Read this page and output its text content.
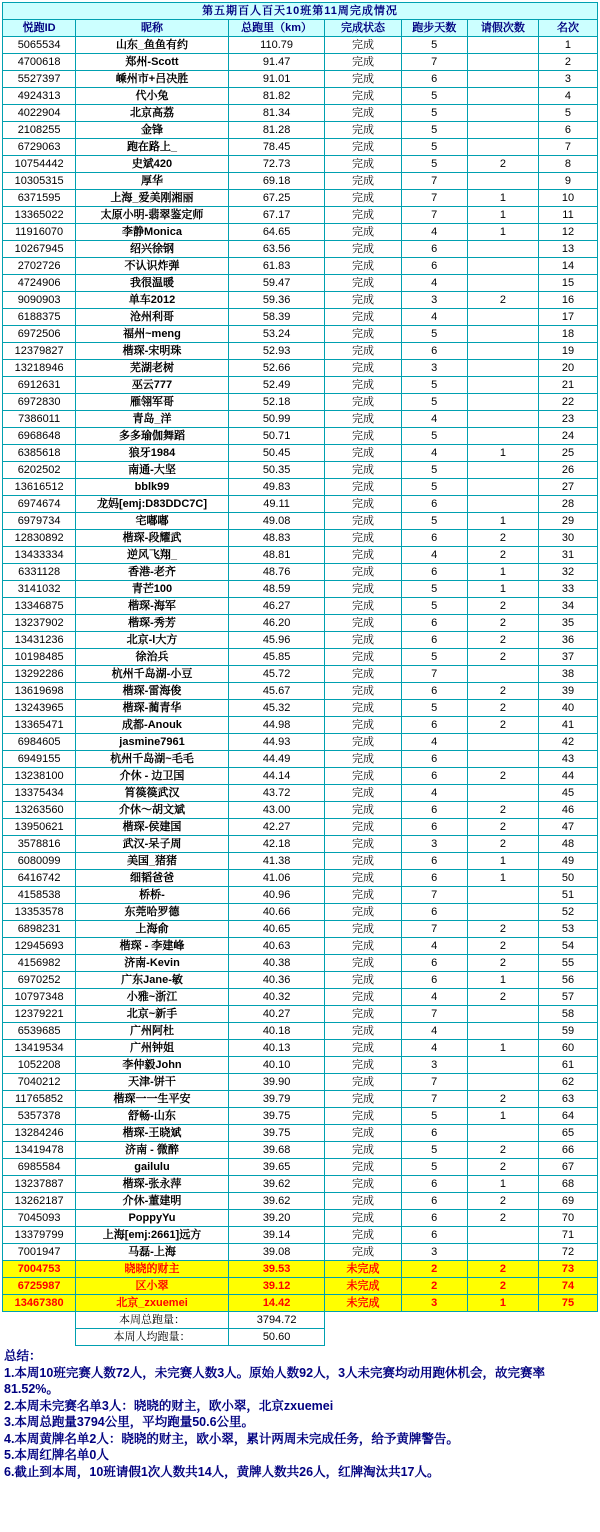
第五期百人百天10班第11周完成情况						
悦跑ID	昵称	总跑里（km）	完成状态	跑步天数	请假次数	名次
5065534	山东_鱼鱼有约	110.79	完成	5		1
4700618	郑州-Scott	91.47	完成	7		2
5527397	嵊州市+吕决胜	91.01	完成	6		3
4924313	代小兔	81.82	完成	5		4
4022904	北京高荔	81.34	完成	5		5
2108255	金锋	81.28	完成	5		6
6729063	跑在路上_	78.45	完成	5		7
10754442	史斌420	72.73	完成	5	2	8
10305315	厚华	69.18	完成	7		9
6371595	上海_爱美刚湘丽	67.25	完成	7	1	10
13365022	太原小明-翡翠鉴定师	67.17	完成	7	1	11
11916070	李静Monica	64.65	完成	4	1	12
10267945	绍兴徐钢	63.56	完成	6		13
2702726	不认识炸弹	61.83	完成	6		14
4724906	我很温暖	59.47	完成	4		15
9090903	单车2012	59.36	完成	3	2	16
6188375	沧州利哥	58.39	完成	4		17
6972506	福州~meng	53.24	完成	5		18
12379827	楷琛-宋明珠	52.93	完成	6		19
13218946	芜湖老树	52.66	完成	3		20
6912631	巫云777	52.49	完成	5		21
6972830	雁翎军哥	52.18	完成	5		22
7386011	青岛_洋	50.99	完成	4		23
6968648	多多瑜伽舞蹈	50.71	完成	5		24
6385618	狼牙1984	50.45	完成	4	1	25
6202502	南通-大坚	50.35	完成	5		26
13616512	bblk99	49.83	完成	5		27
6974674	龙妈[emj:D83DDC7C]	49.11	完成	6		28
6979734	宅嘟嘟	49.08	完成	5	1	29
12830892	楷琛-段耀武	48.83	完成	6	2	30
13433334	逆风飞翔_	48.81	完成	4	2	31
6331128	香港-老齐	48.76	完成	6	1	32
3141032	青芒100	48.59	完成	5	1	33
13346875	楷琛-海军	46.27	完成	5	2	34
13237902	楷琛-秀芳	46.20	完成	6	2	35
13431236	北京-l大方	45.96	完成	6	2	36
10198485	徐治兵	45.85	完成	5	2	37
13292286	杭州千岛湖-小豆	45.72	完成	7		38
13619698	楷琛-雷海俊	45.67	完成	6	2	39
13243965	楷琛-蔺青华	45.32	完成	5	2	40
13365471	成都-Anouk	44.98	完成	6	2	41
6984605	jasmine7961	44.93	完成	4		42
6949155	杭州千岛湖~毛毛	44.49	完成	6		43
13238100	介休 - 边卫国	44.14	完成	6	2	44
13375434	筲篌篌武汉	43.72	完成	4		45
13263560	介休～胡文斌	43.00	完成	6	2	46
13950621	楷琛-侯建国	42.27	完成	6	2	47
3578816	武汉-呆子周	42.18	完成	3	2	48
6080099	美国_猪猪	41.38	完成	6	1	49
6416742	细韬爸爸	41.06	完成	6	1	50
4158538	桥桥-	40.96	完成	7		51
13353578	东莞哈罗德	40.66	完成	6		52
6898231	上海俞	40.65	完成	7	2	53
12945693	楷琛 - 李建峰	40.63	完成	4	2	54
4156982	济南-Kevin	40.38	完成	6	2	55
6970252	广东Jane-敏	40.36	完成	6	1	56
10797348	小雅~浙江	40.32	完成	4	2	57
12379221	北京~新手	40.27	完成	7		58
6539685	广州阿杜	40.18	完成	4		59
13419534	广州钟姐	40.13	完成	4	1	60
1052208	李仲毅John	40.10	完成	3		61
7040212	天津-饼干	39.90	完成	7		62
11765852	楷琛一一生平安	39.79	完成	7	2	63
5357378	舒畅-山东	39.75	完成	5	1	64
13284246	楷琛-王晓斌	39.75	完成	6		65
13419478	济南 - 微醉	39.68	完成	5	2	66
6985584	gailulu	39.65	完成	5	2	67
13237887	楷琛-张永萍	39.62	完成	6	1	68
13262187	介休-董建明	39.62	完成	6	2	69
7045093	PoppyYu	39.20	完成	6	2	70
13379799	上海[emj:2661]远方	39.14	完成	6		71
7001947	马磊-上海	39.08	完成	3		72
7004753	晓晓的财主	39.53	未完成	2	2	73
6725987	区小翠	39.12	未完成	2	2	74
13467380	北京_zxuemei	14.42	未完成	3	1	75
	本周总跑量：	3794.72				
	本周人均跑量：	50.60				
总结：
1.本周10班完赛人数72人，未完赛人数3人。原始人数92人，3人未完赛均动用跑休机会，故完赛率81.52%。
2.本周未完赛名单3人：晓晓的财主，欧小翠，北京zxuemei
3.本周总跑量3794公里，平均跑量50.6公里。
4.本周黄牌名单2人：晓晓的财主，欧小翠，累计两周未完成任务，给予黄牌警告。
5.本周红牌名单0人
6.截止到本周，10班请假1次人数共14人，黄牌人数共26人，红牌淘汰共17人。
